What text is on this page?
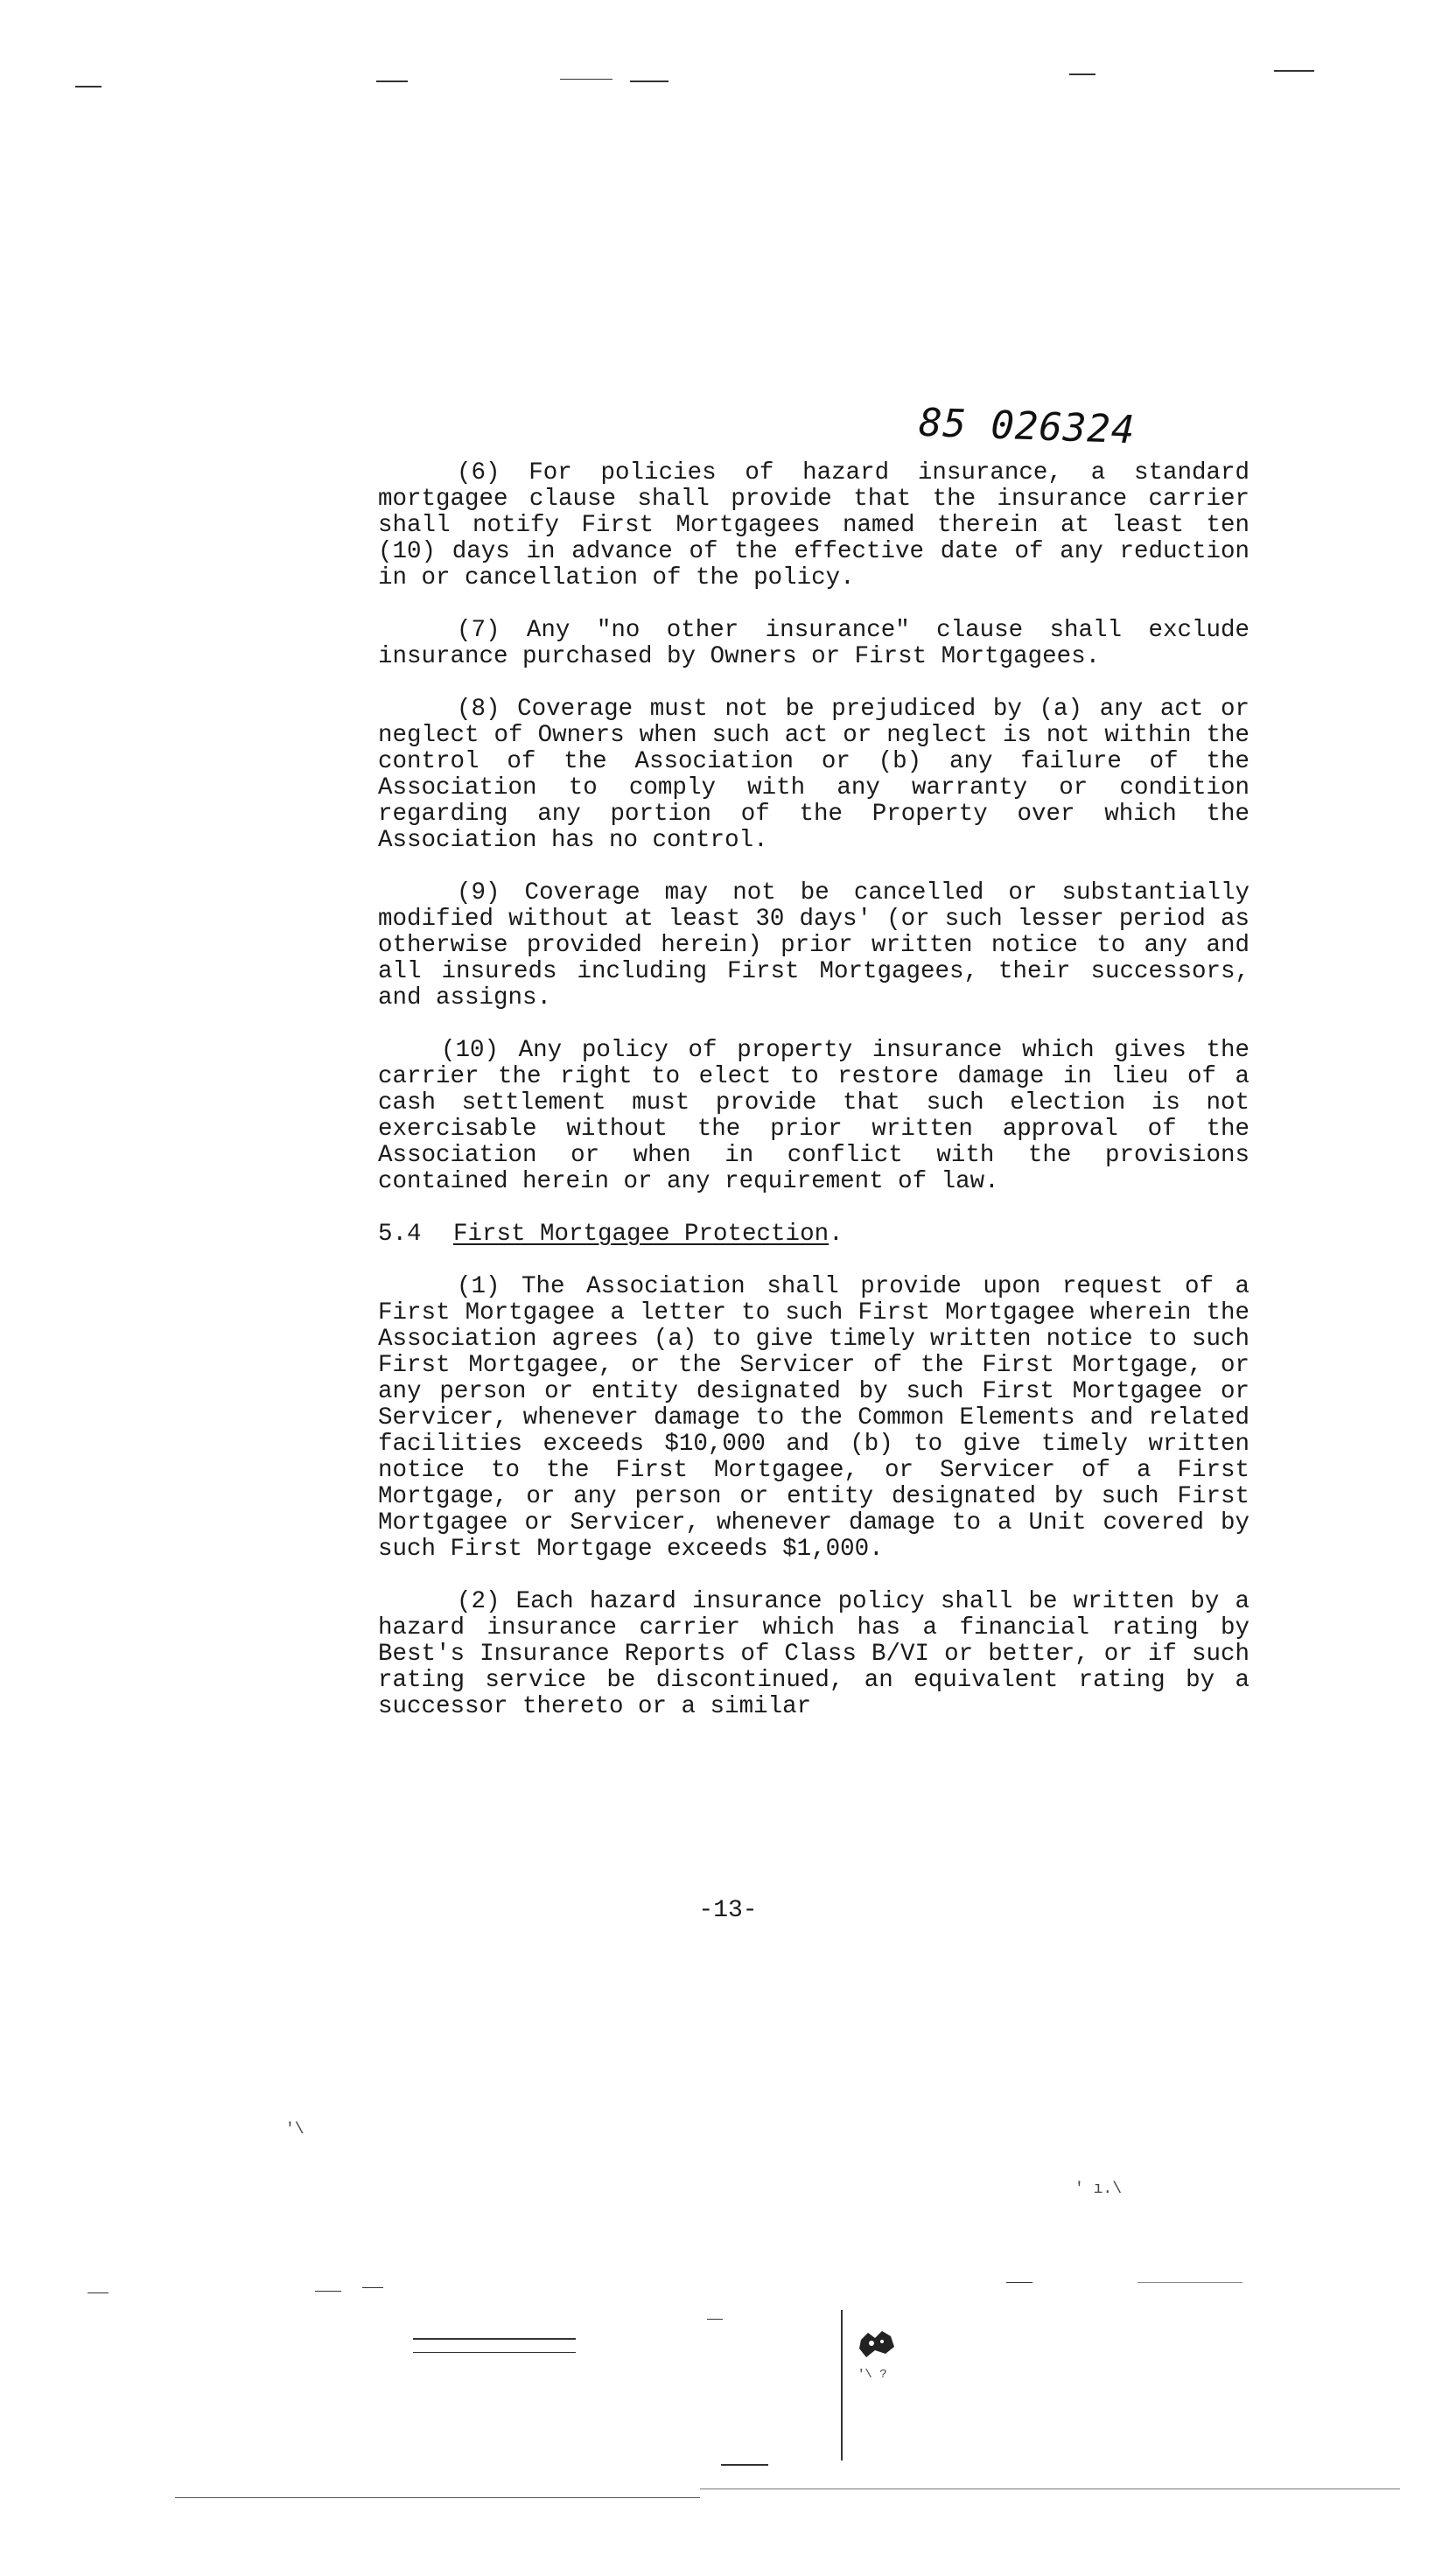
85 026324

(6) For policies of hazard insurance, a standard mortgagee clause shall provide that the insurance carrier shall notify First Mortgagees named therein at least ten (10) days in advance of the effective date of any reduction in or cancellation of the policy.

(7) Any "no other insurance" clause shall exclude insurance purchased by Owners or First Mortgagees.

(8) Coverage must not be prejudiced by (a) any act or neglect of Owners when such act or neglect is not within the control of the Association or (b) any failure of the Association to comply with any warranty or condition regarding any portion of the Property over which the Association has no control.

(9) Coverage may not be cancelled or substantially modified without at least 30 days' (or such lesser period as otherwise provided herein) prior written notice to any and all insureds including First Mortgagees, their successors, and assigns.

(10) Any policy of property insurance which gives the carrier the right to elect to restore damage in lieu of a cash settlement must provide that such election is not exercisable without the prior written approval of the Association or when in conflict with the provisions contained herein or any requirement of law.

5.4 First Mortgagee Protection.

(1) The Association shall provide upon request of a First Mortgagee a letter to such First Mortgagee wherein the Association agrees (a) to give timely written notice to such First Mortgagee, or the Servicer of the First Mortgage, or any person or entity designated by such First Mortgagee or Servicer, whenever damage to the Common Elements and related facilities exceeds $10,000 and (b) to give timely written notice to the First Mortgagee, or Servicer of a First Mortgage, or any person or entity designated by such First Mortgagee or Servicer, whenever damage to a Unit covered by such First Mortgage exceeds $1,000.

(2) Each hazard insurance policy shall be written by a hazard insurance carrier which has a financial rating by Best's Insurance Reports of Class B/VI or better, or if such rating service be discontinued, an equivalent rating by a successor thereto or a similar

-13-
'\
' ı.\
'\ ?
